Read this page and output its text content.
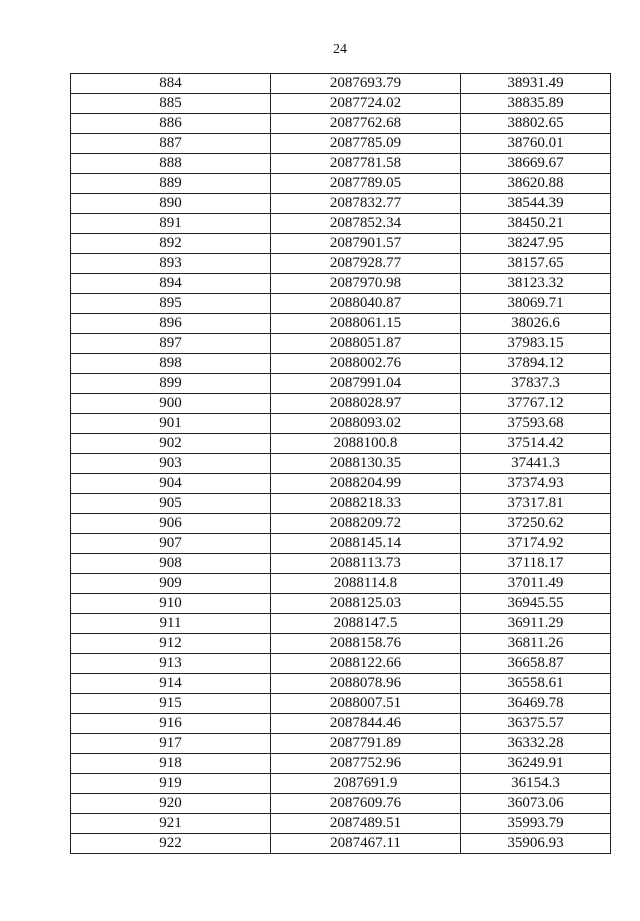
24
884	2087693.79	38931.49
885	2087724.02	38835.89
886	2087762.68	38802.65
887	2087785.09	38760.01
888	2087781.58	38669.67
889	2087789.05	38620.88
890	2087832.77	38544.39
891	2087852.34	38450.21
892	2087901.57	38247.95
893	2087928.77	38157.65
894	2087970.98	38123.32
895	2088040.87	38069.71
896	2088061.15	38026.6
897	2088051.87	37983.15
898	2088002.76	37894.12
899	2087991.04	37837.3
900	2088028.97	37767.12
901	2088093.02	37593.68
902	2088100.8	37514.42
903	2088130.35	37441.3
904	2088204.99	37374.93
905	2088218.33	37317.81
906	2088209.72	37250.62
907	2088145.14	37174.92
908	2088113.73	37118.17
909	2088114.8	37011.49
910	2088125.03	36945.55
911	2088147.5	36911.29
912	2088158.76	36811.26
913	2088122.66	36658.87
914	2088078.96	36558.61
915	2088007.51	36469.78
916	2087844.46	36375.57
917	2087791.89	36332.28
918	2087752.96	36249.91
919	2087691.9	36154.3
920	2087609.76	36073.06
921	2087489.51	35993.79
922	2087467.11	35906.93
